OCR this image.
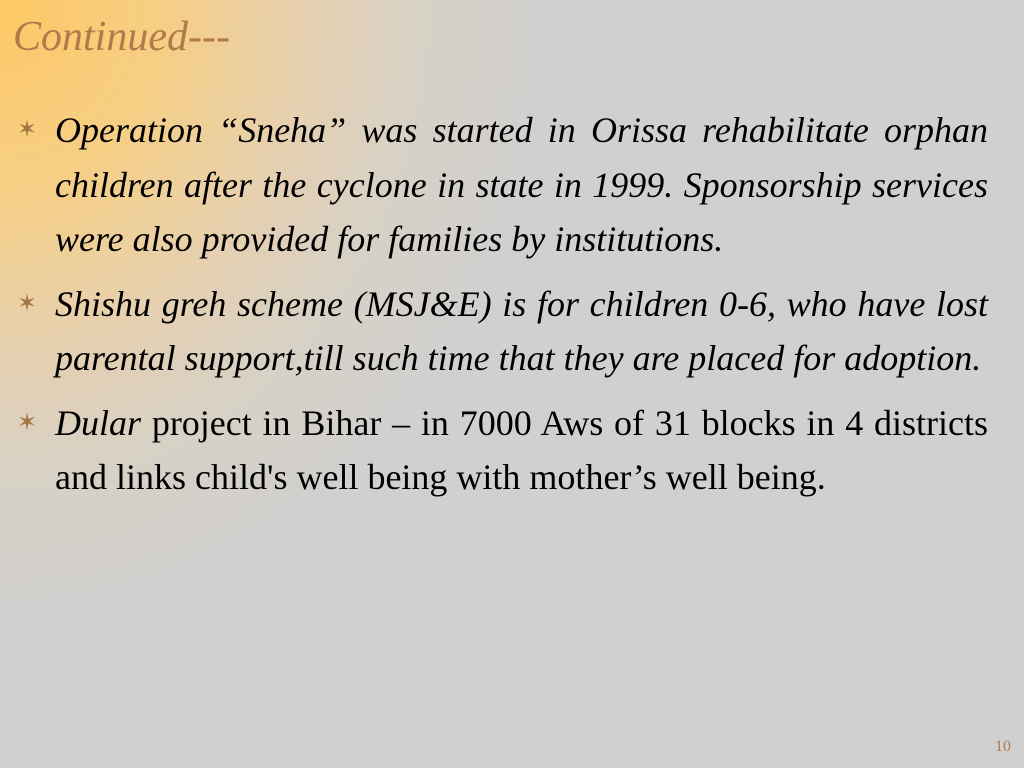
Continued---
✶ Operation “Sneha” was started in Orissa rehabilitate orphan children after the cyclone in state in 1999. Sponsorship services were also provided for families by institutions.
✶ Shishu greh scheme (MSJ&E) is for children 0-6, who have lost parental support,till such time that they are placed for adoption.
✶ Dular project in Bihar – in 7000 Aws of 31 blocks in 4 districts and links child's well being with mother’s well being.
10
